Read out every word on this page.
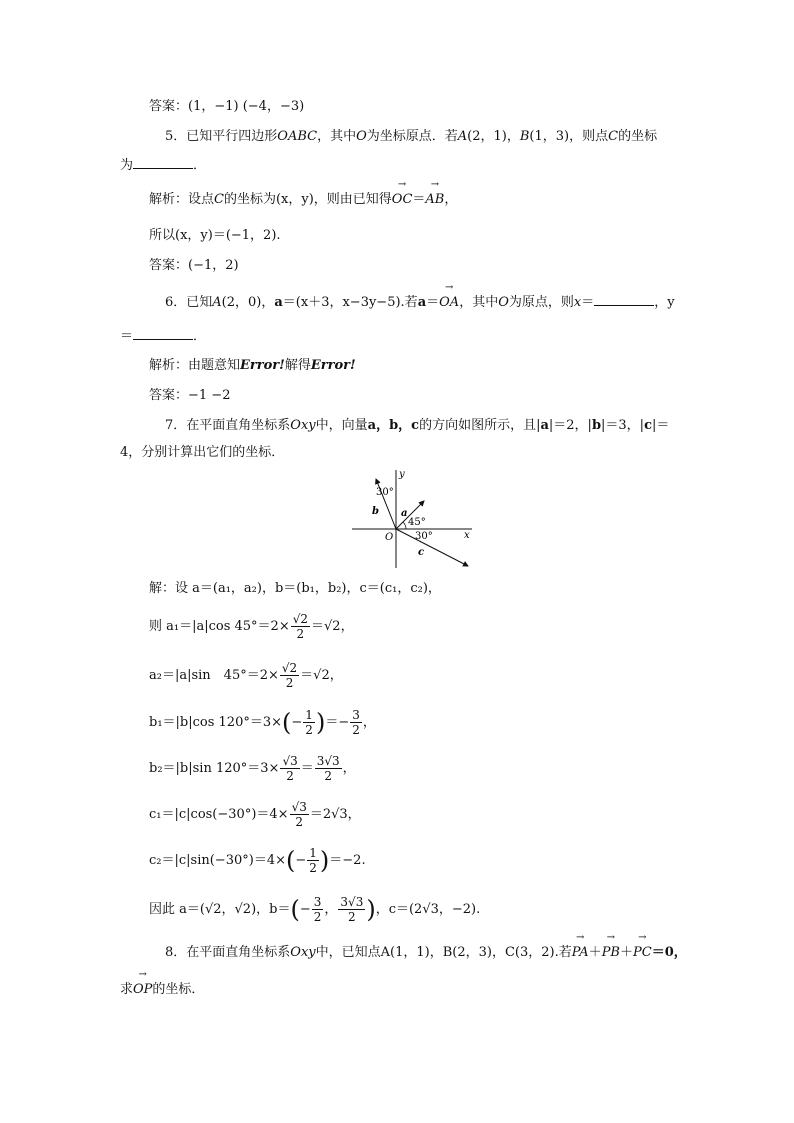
答案：(1，−1) (−4，−3)
5．已知平行四边形OABC，其中O为坐标原点．若A(2，1)，B(1，3)，则点C的坐标
为	．
解析：设点C的坐标为(x，y)，则由已知得→ OC＝→ AB，
所以(x，y)＝(−1，2).
答案：(−1，2)
6．已知A(2，0)，a＝(x＋3，x−3y−5).若a＝→ OA，其中O为原点，则x＝	，y
＝	．
解析：由题意知Error!解得Error!
答案：−1 −2
7．在平面直角坐标系Oxy中，向量a，b，c的方向如图所示，且|a|＝2，|b|＝3，|c|＝
4，分别计算出它们的坐标．
y
x
O
a
b
c
30°
45°
30°
解：设 a＝(a₁，a₂)，b＝(b₁，b₂)，c＝(c₁，c₂)，
则 a₁＝|a|cos $45^\circ=2\times \frac{√2}{2} =√2$，
a₂＝|a|sin　$45^\circ=2\times \frac{√2}{2} =√2$，
b₁＝|b|cos $120^\circ=3\times(- \frac{1}{2}$ )＝− $\frac{3}{2}$ ，
b₂＝|b|sin $120^\circ=3\times \frac{√3}{2} = \frac{3√3}{2}$ ，
$c_1=|c|\cos(-30^\circ)=4\times \frac{√3}{2} =2√3$，
$c_2=|c|\sin(-30^\circ)=4\times(- \frac{1}{2} )=-2$.
因此 a＝(√2，√2)，$b=(- \frac{3}{2}$ ， $\frac{3√3}{2}$ )，c＝(2√3，−2).
8．在平面直角坐标系Oxy中，已知点A(1，1)，B(2，3)，C(3，2).若→ PA＋→ PB＋→ PC＝0，
求→ OP的坐标．
